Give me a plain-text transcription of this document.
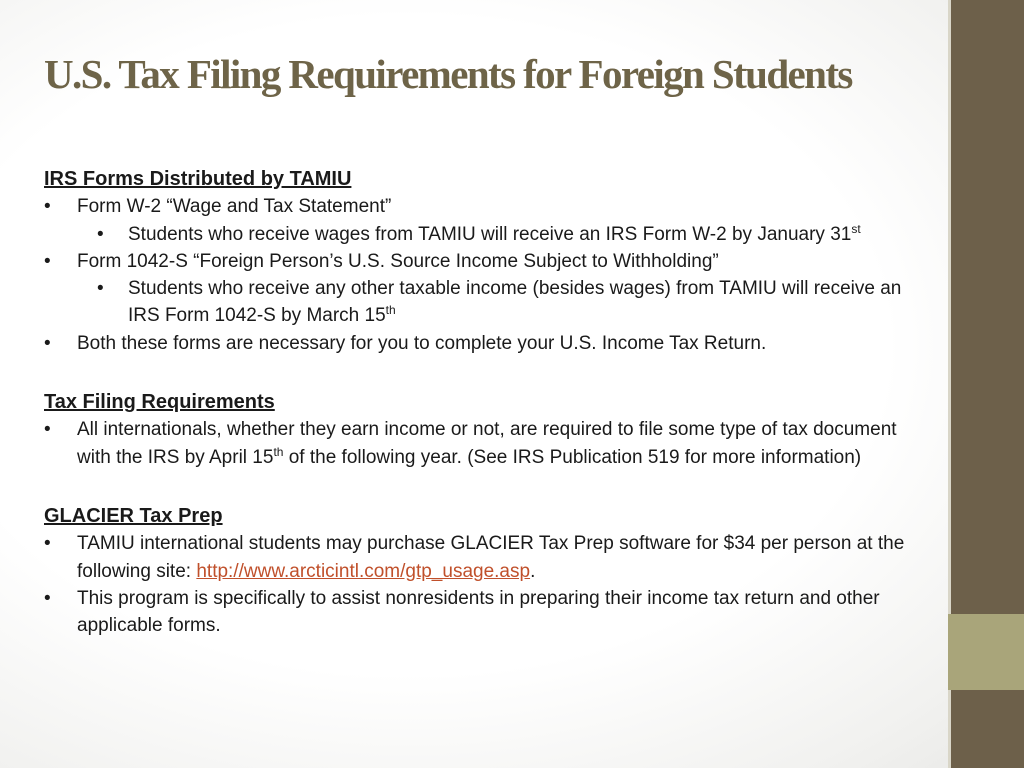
U.S. Tax Filing Requirements for Foreign Students

IRS Forms Distributed by TAMIU

• Form W-2 “Wage and Tax Statement”

• Students who receive wages from TAMIU will receive an IRS Form W-2 by January 31st

• Form 1042-S “Foreign Person’s U.S. Source Income Subject to Withholding”

• Students who receive any other taxable income (besides wages) from TAMIU will receive an IRS Form 1042-S by March 15th

• Both these forms are necessary for you to complete your U.S. Income Tax Return.

Tax Filing Requirements

• All internationals, whether they earn income or not, are required to file some type of tax document with the IRS by April 15th of the following year. (See IRS Publication 519 for more information)

GLACIER Tax Prep

• TAMIU international students may purchase GLACIER Tax Prep software for $34 per person at the following site: http://www.arcticintl.com/gtp_usage.asp.

• This program is specifically to assist nonresidents in preparing their income tax return and other applicable forms.
